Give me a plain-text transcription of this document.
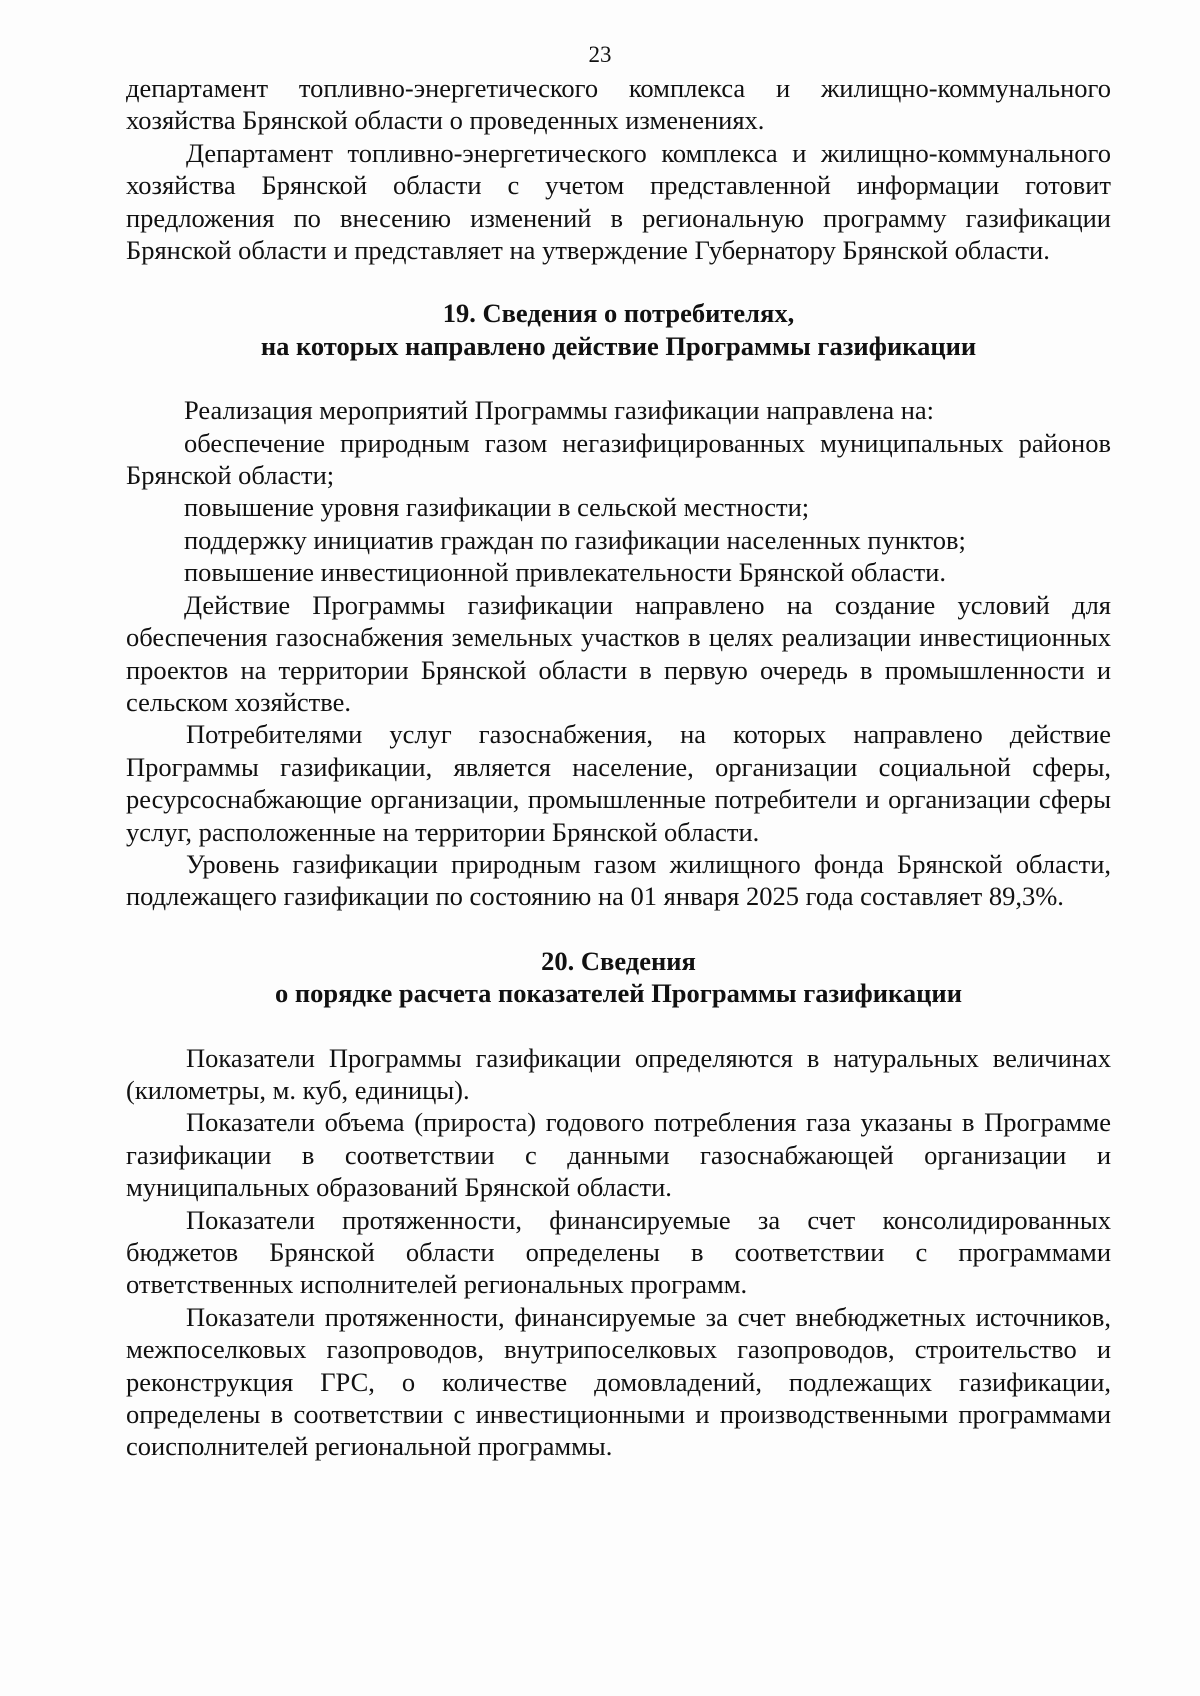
23

департамент топливно-энергетического комплекса и жилищно-коммунального хозяйства Брянской области о проведенных изменениях.

Департамент топливно-энергетического комплекса и жилищно-коммунального хозяйства Брянской области с учетом представленной информации готовит предложения по внесению изменений в региональную программу газификации Брянской области и представляет на утверждение Губернатору Брянской области.

19. Сведения о потребителях,
на которых направлено действие Программы газификации

Реализация мероприятий Программы газификации направлена на:

обеспечение природным газом негазифицированных муниципальных районов Брянской области;

повышение уровня газификации в сельской местности;

поддержку инициатив граждан по газификации населенных пунктов;

повышение инвестиционной привлекательности Брянской области.

Действие Программы газификации направлено на создание условий для обеспечения газоснабжения земельных участков в целях реализации инвестиционных проектов на территории Брянской области в первую очередь в промышленности и сельском хозяйстве.

Потребителями услуг газоснабжения, на которых направлено действие Программы газификации, является население, организации социальной сферы, ресурсоснабжающие организации, промышленные потребители и организации сферы услуг, расположенные на территории Брянской области.

Уровень газификации природным газом жилищного фонда Брянской области, подлежащего газификации по состоянию на 01 января 2025 года составляет 89,3%.

20. Сведения
о порядке расчета показателей Программы газификации

Показатели Программы газификации определяются в натуральных величинах (километры, м. куб, единицы).

Показатели объема (прироста) годового потребления газа указаны в Программе газификации в соответствии с данными газоснабжающей организации и муниципальных образований Брянской области.

Показатели протяженности, финансируемые за счет консолидированных бюджетов Брянской области определены в соответствии с программами ответственных исполнителей региональных программ.

Показатели протяженности, финансируемые за счет внебюджетных источников, межпоселковых газопроводов, внутрипоселковых газопроводов, строительство и реконструкция ГРС, о количестве домовладений, подлежащих газификации, определены в соответствии с инвестиционными и производственными программами соисполнителей региональной программы.
